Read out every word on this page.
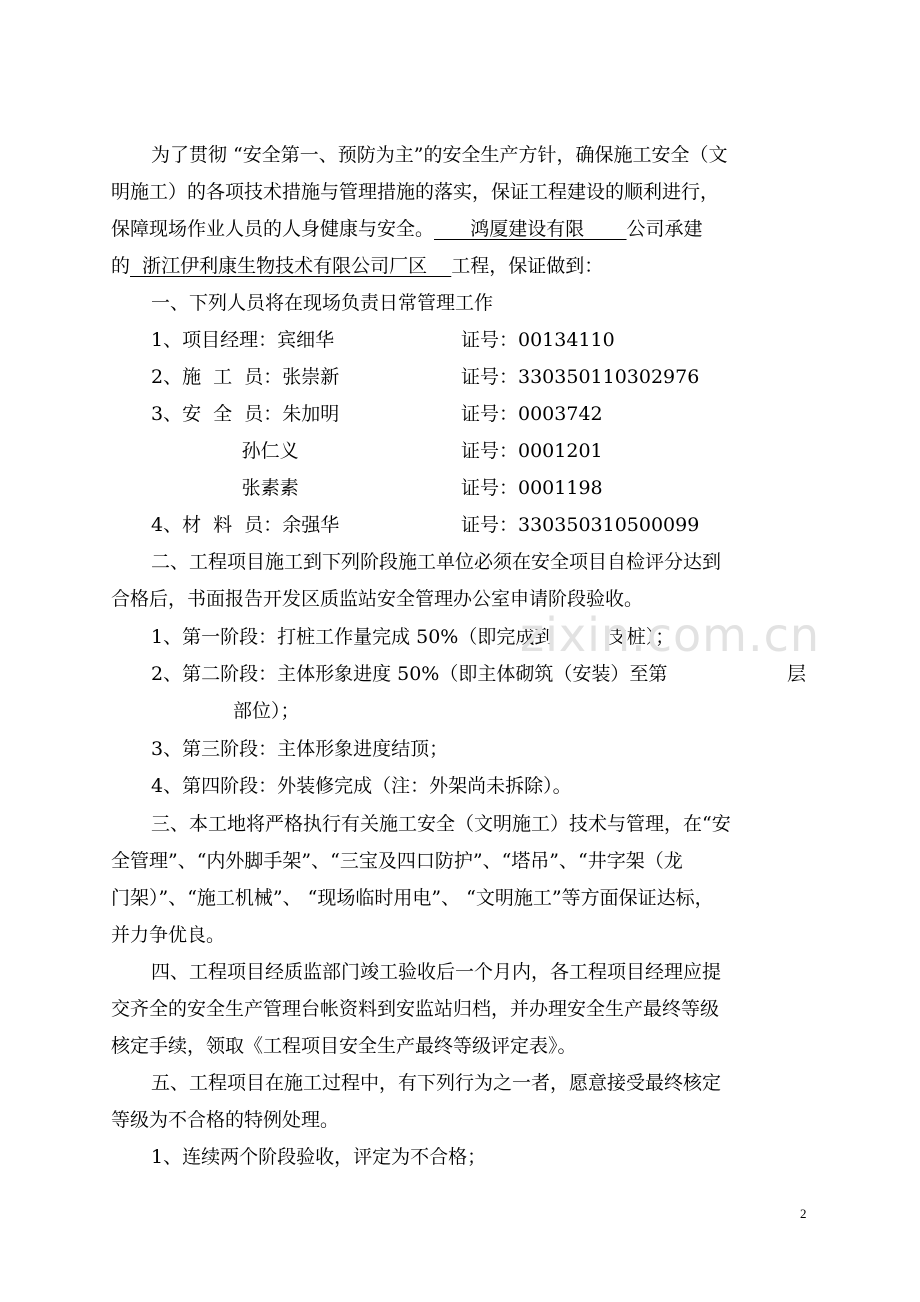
为了贯彻 “安全第一、预防为主”的安全生产方针，确保施工安全（文

明施工）的各项技术措施与管理措施的落实，保证工程建设的顺利进行，

保障现场作业人员的人身健康与安全。      鸿厦建设有限       公司承建

的  浙江伊利康生物技术有限公司厂区    工程，保证做到：

一、下列人员将在现场负责日常管理工作

1、项目经理：宾细华	证号：00134110
2、施  工  员：张崇新	证号：330350110302976
3、安  全  员：朱加明	证号：0003742
孙仁义	证号：0001201
张素素	证号：0001198
4、材  料  员：余强华	证号：330350310500099

二、工程项目施工到下列阶段施工单位必须在安全项目自检评分达到

合格后，书面报告开发区质监站安全管理办公室申请阶段验收。

1、第一阶段：打桩工作量完成 50%（即完成到         支桩）；

2、第二阶段：主体形象进度 50%（即主体砌筑（安装）至第	层

部位）；

3、第三阶段：主体形象进度结顶；

4、第四阶段：外装修完成（注：外架尚未拆除）。

三、本工地将严格执行有关施工安全（文明施工）技术与管理，在“安

全管理”、“内外脚手架”、“三宝及四口防护”、“塔吊”、“井字架（龙

门架）”、“施工机械”、 “现场临时用电”、 “文明施工”等方面保证达标，

并力争优良。

四、工程项目经质监部门竣工验收后一个月内，各工程项目经理应提

交齐全的安全生产管理台帐资料到安监站归档，并办理安全生产最终等级

核定手续，领取《工程项目安全生产最终等级评定表》。

五、工程项目在施工过程中，有下列行为之一者，愿意接受最终核定

等级为不合格的特例处理。

1、连续两个阶段验收，评定为不合格；

zixin.com.cn
2
